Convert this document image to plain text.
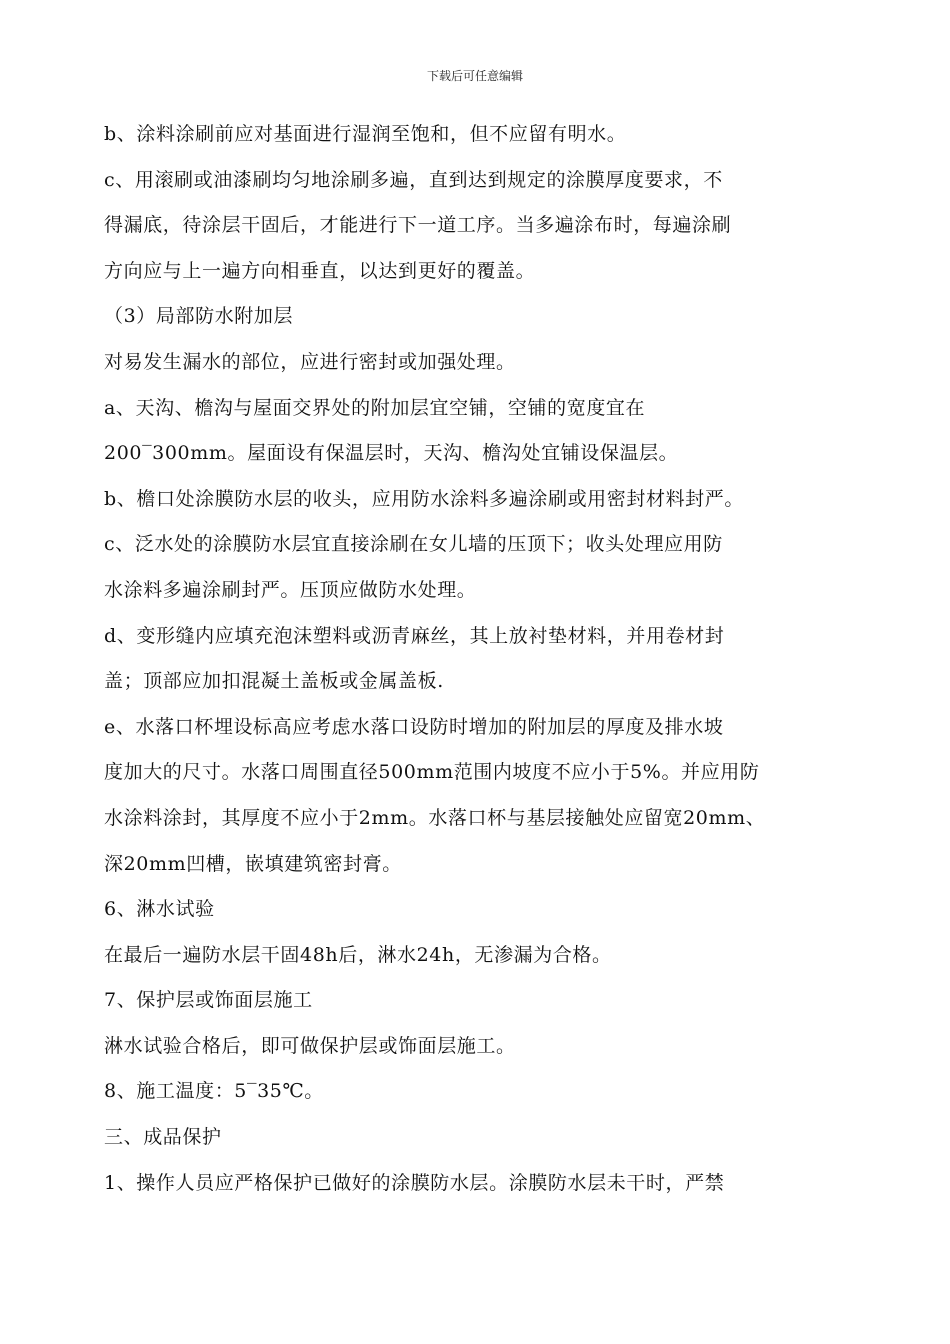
下载后可任意编辑
b、涂料涂刷前应对基面进行湿润至饱和，但不应留有明水。
c、用滚刷或油漆刷均匀地涂刷多遍，直到达到规定的涂膜厚度要求，不
得漏底，待涂层干固后，才能进行下一道工序。当多遍涂布时，每遍涂刷
方向应与上一遍方向相垂直，以达到更好的覆盖。
（3）局部防水附加层
对易发生漏水的部位，应进行密封或加强处理。
a、天沟、檐沟与屋面交界处的附加层宜空铺，空铺的宽度宜在
200‾300mm。屋面设有保温层时，天沟、檐沟处宜铺设保温层。
b、檐口处涂膜防水层的收头，应用防水涂料多遍涂刷或用密封材料封严。
c、泛水处的涂膜防水层宜直接涂刷在女儿墙的压顶下；收头处理应用防
水涂料多遍涂刷封严。压顶应做防水处理。
d、变形缝内应填充泡沫塑料或沥青麻丝，其上放衬垫材料，并用卷材封
盖；顶部应加扣混凝土盖板或金属盖板.
e、水落口杯埋设标高应考虑水落口设防时增加的附加层的厚度及排水坡
度加大的尺寸。水落口周围直径500mm范围内坡度不应小于5%。并应用防
水涂料涂封，其厚度不应小于2mm。水落口杯与基层接触处应留宽20mm、
深20mm凹槽，嵌填建筑密封膏。
6、淋水试验
在最后一遍防水层干固48h后，淋水24h，无渗漏为合格。
7、保护层或饰面层施工
淋水试验合格后，即可做保护层或饰面层施工。
8、施工温度：5‾35℃。
三、成品保护
1、操作人员应严格保护已做好的涂膜防水层。涂膜防水层未干时，严禁
